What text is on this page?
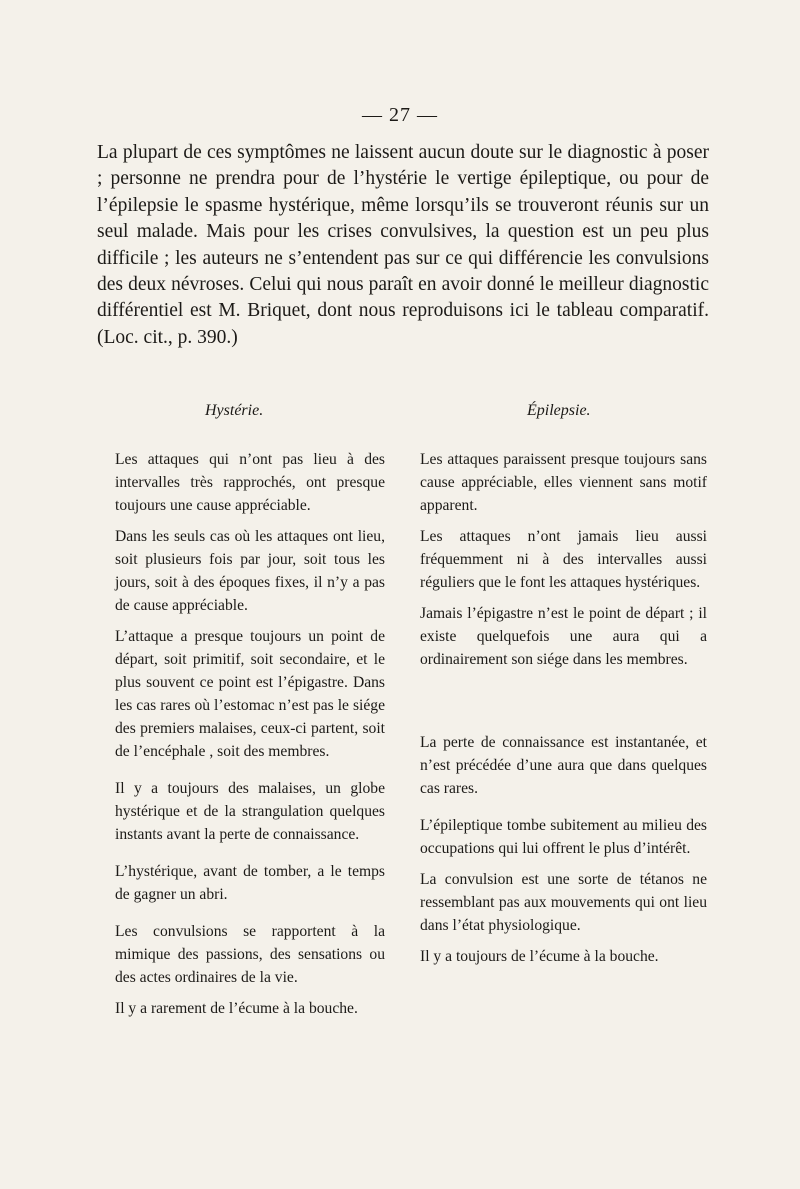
— 27 —

La plupart de ces symptômes ne laissent aucun doute sur le diagnostic à poser ; personne ne prendra pour de l’hystérie le vertige épileptique, ou pour de l’épilepsie le spasme hystérique, même lorsqu’ils se trouveront réunis sur un seul malade. Mais pour les crises convulsives, la question est un peu plus difficile ; les auteurs ne s’entendent pas sur ce qui différencie les convulsions des deux névroses. Celui qui nous paraît en avoir donné le meilleur diagnostic différentiel est M. Briquet, dont nous reproduisons ici le tableau comparatif. (Loc. cit., p. 390.)

Hystérie.	Épilepsie.

Les attaques qui n’ont pas lieu à des intervalles très rapprochés, ont presque toujours une cause appréciable.

Dans les seuls cas où les attaques ont lieu, soit plusieurs fois par jour, soit tous les jours, soit à des époques fixes, il n’y a pas de cause appréciable.

L’attaque a presque toujours un point de départ, soit primitif, soit secondaire, et le plus souvent ce point est l’épigastre. Dans les cas rares où l’estomac n’est pas le siége des premiers malaises, ceux-ci partent, soit de l’encéphale , soit des membres.

Il y a toujours des malaises, un globe hystérique et de la strangulation quelques instants avant la perte de connaissance.

L’hystérique, avant de tomber, a le temps de gagner un abri.

Les convulsions se rapportent à la mimique des passions, des sensations ou des actes ordinaires de la vie.

Il y a rarement de l’écume à la bouche.

Les attaques paraissent presque toujours sans cause appréciable, elles viennent sans motif apparent.

Les attaques n’ont jamais lieu aussi fréquemment ni à des intervalles aussi réguliers que le font les attaques hystériques.

Jamais l’épigastre n’est le point de départ ; il existe quelquefois une aura qui a ordinairement son siége dans les membres.

La perte de connaissance est instantanée, et n’est précédée d’une aura que dans quelques cas rares.

L’épileptique tombe subitement au milieu des occupations qui lui offrent le plus d’intérêt.

La convulsion est une sorte de tétanos ne ressemblant pas aux mouvements qui ont lieu dans l’état physiologique.

Il y a toujours de l’écume à la bouche.
